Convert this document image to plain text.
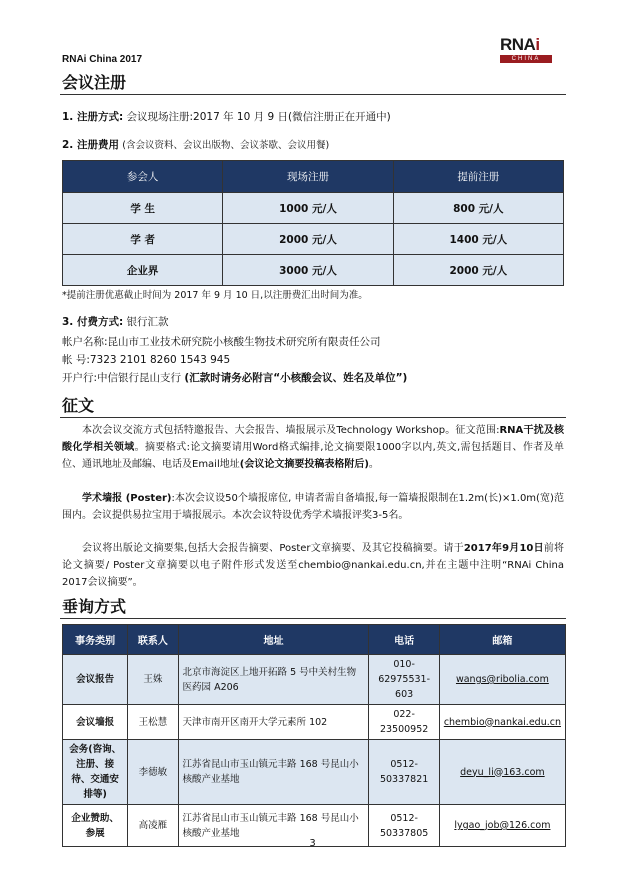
RNAi China 2017
RNAi
CHINA
会议注册
1. 注册方式: 会议现场注册:2017 年 10 月 9 日(微信注册正在开通中)
2. 注册费用 (含会议资料、会议出版物、会议茶歇、会议用餐)
参会人	现场注册	提前注册
学 生	1000 元/人	800 元/人
学 者	2000 元/人	1400 元/人
企业界	3000 元/人	2000 元/人
*提前注册优惠截止时间为 2017 年 9 月 10 日,以注册费汇出时间为准。
3. 付费方式: 银行汇款
帐户名称:昆山市工业技术研究院小核酸生物技术研究所有限责任公司
帐 号:7323 2101 8260 1543 945
开户行:中信银行昆山支行 (汇款时请务必附言“小核酸会议、姓名及单位”)
征文
本次会议交流方式包括特邀报告、大会报告、墙报展示及Technology Workshop。征文范围:RNA干扰及核酸化学相关领域。摘要格式:论文摘要请用Word格式编排,论文摘要限1000字以内,英文,需包括题目、作者及单位、通讯地址及邮编、电话及Email地址(会议论文摘要投稿表格附后)。
学术墙报 (Poster):本次会议设50个墙报席位, 申请者需自备墙报,每一篇墙报限制在1.2m(长)×1.0m(宽)范围内。会议提供易拉宝用于墙报展示。本次会议特设优秀学术墙报评奖3-5名。
会议将出版论文摘要集,包括大会报告摘要、Poster文章摘要、及其它投稿摘要。请于2017年9月10日前将论文摘要/ Poster文章摘要以电子附件形式发送至chembio@nankai.edu.cn,并在主题中注明“RNAi China 2017会议摘要”。
垂询方式
事务类别	联系人	地址	电话	邮箱
会议报告	王姝	北京市海淀区上地开拓路 5 号中关村生物医药园 A206	010-62975531-603	wangs@ribolia.com
会议墙报	王松慧	天津市南开区南开大学元素所 102	022-23500952	chembio@nankai.edu.cn
会务(咨询、注册、接待、交通安排等)	李德敏	江苏省昆山市玉山镇元丰路 168 号昆山小核酸产业基地	0512-50337821	deyu_li@163.com
企业赞助、参展	高凌雁	江苏省昆山市玉山镇元丰路 168 号昆山小核酸产业基地	0512-50337805	lygao_job@126.com
3
